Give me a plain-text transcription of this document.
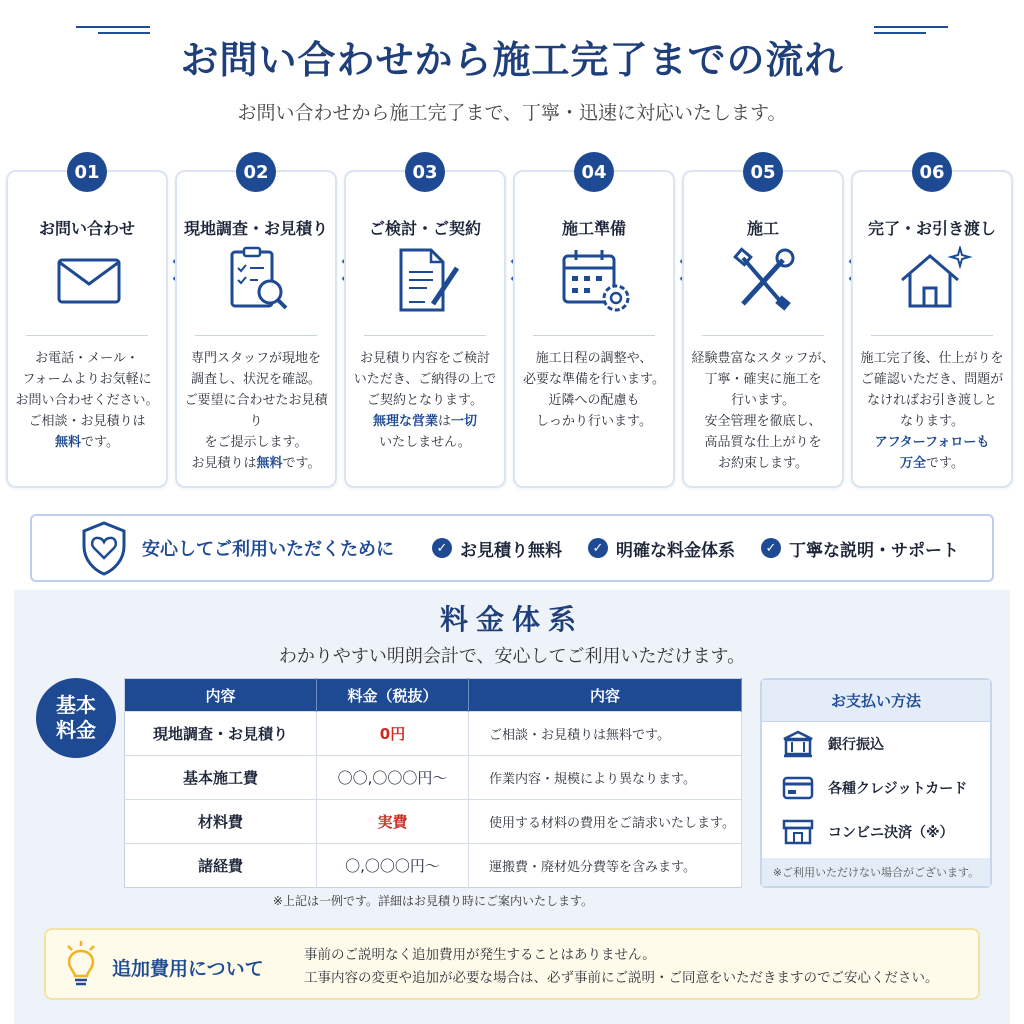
お問い合わせから施工完了までの流れ

お問い合わせから施工完了まで、丁寧・迅速に対応いたします。

お問い合わせ
お電話・メール・
フォームよりお気軽に
お問い合わせください。
ご相談・お見積りは
無料です。
01
現地調査・お見積り
専門スタッフが現地を
調査し、状況を確認。
ご要望に合わせたお見積り
をご提示します。
お見積りは無料です。
02
ご検討・ご契約
お見積り内容をご検討
いただき、ご納得の上で
ご契約となります。
無理な営業は一切
いたしません。
03
施工準備
施工日程の調整や、
必要な準備を行います。
近隣への配慮も
しっかり行います。
04
施工
経験豊富なスタッフが、
丁寧・確実に施工を
行います。
安全管理を徹底し、
高品質な仕上がりを
お約束します。
05
完了・お引き渡し
施工完了後、仕上がりを
ご確認いただき、問題が
なければお引き渡しと
なります。
アフターフォローも
万全です。
06
安心してご利用いただくために	✓ お見積り無料	✓ 明確な料金体系	✓ 丁寧な説明・サポート
料金体系

わかりやすい明朗会計で、安心してご利用いただけます。

基本
料金
内容	料金（税抜）	内容
現地調査・お見積り	0円	ご相談・お見積りは無料です。
基本施工費	〇〇,〇〇〇円～	作業内容・規模により異なります。
材料費	実費	使用する材料の費用をご請求いたします。
諸経費	〇,〇〇〇円～	運搬費・廃材処分費等を含みます。

※上記は一例です。詳細はお見積り時にご案内いたします。

お支払い方法
銀行振込
各種クレジットカード
コンビニ決済（※）
※ご利用いただけない場合がございます。
追加費用について
事前のご説明なく追加費用が発生することはありません。
工事内容の変更や追加が必要な場合は、必ず事前にご説明・ご同意をいただきますのでご安心ください。
